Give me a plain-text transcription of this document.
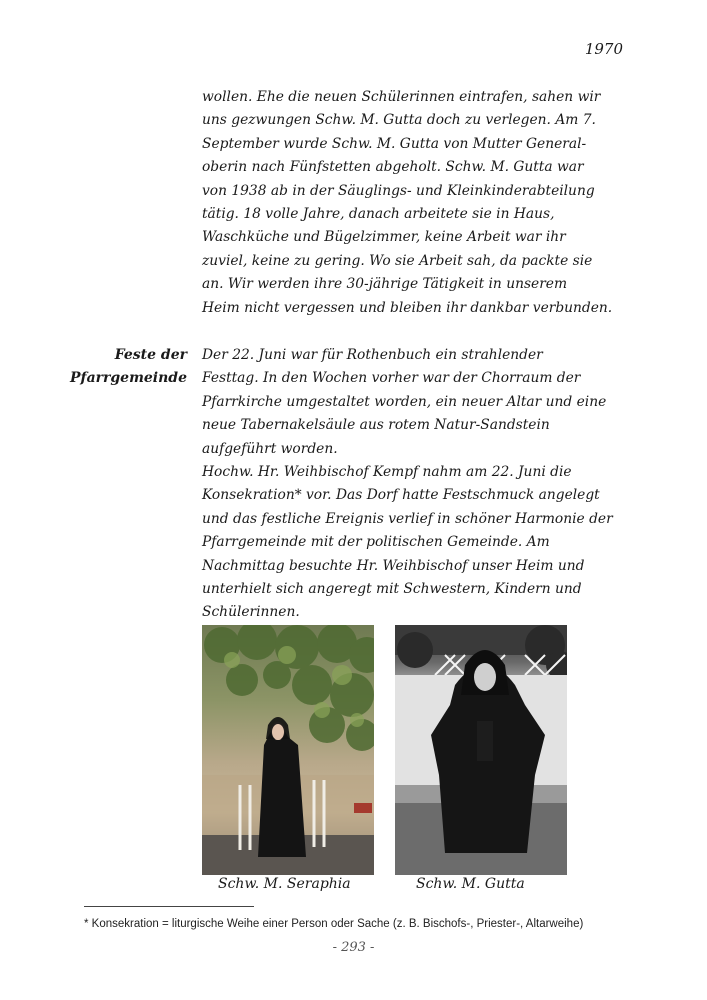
1970
wollen. Ehe die neuen Schülerinnen eintrafen, sahen wir
uns gezwungen Schw. M. Gutta doch zu verlegen. Am 7.
September wurde Schw. M. Gutta von Mutter General-
oberin nach Fünfstetten abgeholt. Schw. M. Gutta war
von 1938 ab in der Säuglings- und Kleinkinderabteilung
tätig. 18 volle Jahre, danach arbeitete sie in Haus,
Waschküche und Bügelzimmer, keine Arbeit war ihr
zuviel, keine zu gering. Wo sie Arbeit sah, da packte sie
an. Wir werden ihre 30-jährige Tätigkeit in unserem
Heim nicht vergessen und bleiben ihr dankbar verbunden.
Feste der
Pfarrgemeinde
Der 22. Juni war für Rothenbuch ein strahlender
Festtag. In den Wochen vorher war der Chorraum der
Pfarrkirche umgestaltet worden, ein neuer Altar und eine
neue Tabernakelsäule aus rotem Natur-Sandstein
aufgeführt worden.
Hochw. Hr. Weihbischof Kempf nahm am 22. Juni die
Konsekration* vor. Das Dorf hatte Festschmuck angelegt
und das festliche Ereignis verlief in schöner Harmonie der
Pfarrgemeinde mit der politischen Gemeinde. Am
Nachmittag besuchte Hr. Weihbischof unser Heim und
unterhielt sich angeregt mit Schwestern, Kindern und
Schülerinnen.
Schw. M. Seraphia	Schw. M. Gutta
* Konsekration = liturgische Weihe einer Person oder Sache (z. B. Bischofs-, Priester-, Altarweihe)
- 293 -
